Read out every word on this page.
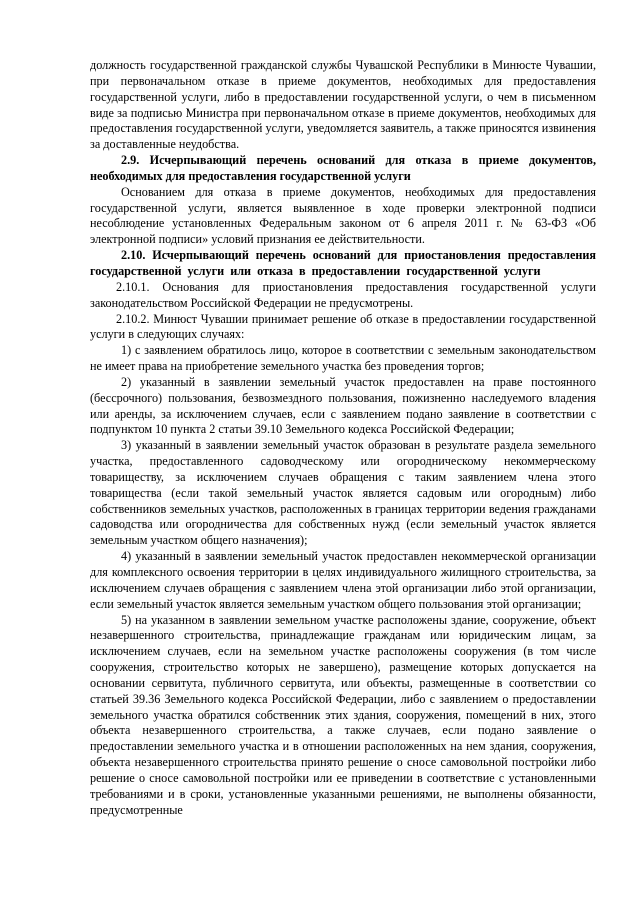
должность государственной гражданской службы Чувашской Республики в Минюсте Чувашии, при первоначальном отказе в приеме документов, необходимых для предоставления государственной услуги, либо в предоставлении государственной услуги, о чем в письменном виде за подписью Министра при первоначальном отказе в приеме документов, необходимых для предоставления государственной услуги, уведомляется заявитель, а также приносятся извинения за доставленные неудобства.

2.9. Исчерпывающий перечень оснований для отказа в приеме документов, необходимых для предоставления государственной услуги

Основанием для отказа в приеме документов, необходимых для предоставления государственной услуги, является выявленное в ходе проверки электронной подписи несоблюдение установленных Федеральным законом от 6 апреля 2011 г. № 63-ФЗ «Об электронной подписи» условий признания ее действительности.

2.10. Исчерпывающий перечень оснований для приостановления предоставления государственной услуги или отказа в предоставлении государственной услуги

2.10.1. Основания для приостановления предоставления государственной услуги законодательством Российской Федерации не предусмотрены.

2.10.2. Минюст Чувашии принимает решение об отказе в предоставлении государственной услуги в следующих случаях:

1) с заявлением обратилось лицо, которое в соответствии с земельным законодательством не имеет права на приобретение земельного участка без проведения торгов;

2) указанный в заявлении земельный участок предоставлен на праве постоянного (бессрочного) пользования, безвозмездного пользования, пожизненно наследуемого владения или аренды, за исключением случаев, если с заявлением подано заявление в соответствии с подпунктом 10 пункта 2 статьи 39.10 Земельного кодекса Российской Федерации;

3) указанный в заявлении земельный участок образован в результате раздела земельного участка, предоставленного садоводческому или огородническому некоммерческому товариществу, за исключением случаев обращения с таким заявлением члена этого товарищества (если такой земельный участок является садовым или огородным) либо собственников земельных участков, расположенных в границах территории ведения гражданами садоводства или огородничества для собственных нужд (если земельный участок является земельным участком общего назначения);

4) указанный в заявлении земельный участок предоставлен некоммерческой организации для комплексного освоения территории в целях индивидуального жилищного строительства, за исключением случаев обращения с заявлением члена этой организации либо этой организации, если земельный участок является земельным участком общего пользования этой организации;

5) на указанном в заявлении земельном участке расположены здание, сооружение, объект незавершенного строительства, принадлежащие гражданам или юридическим лицам, за исключением случаев, если на земельном участке расположены сооружения (в том числе сооружения, строительство которых не завершено), размещение которых допускается на основании сервитута, публичного сервитута, или объекты, размещенные в соответствии со статьей 39.36 Земельного кодекса Российской Федерации, либо с заявлением о предоставлении земельного участка обратился собственник этих здания, сооружения, помещений в них, этого объекта незавершенного строительства, а также случаев, если подано заявление о предоставлении земельного участка и в отношении расположенных на нем здания, сооружения, объекта незавершенного строительства принято решение о сносе самовольной постройки либо решение о сносе самовольной постройки или ее приведении в соответствие с установленными требованиями и в сроки, установленные указанными решениями, не выполнены обязанности, предусмотренные
